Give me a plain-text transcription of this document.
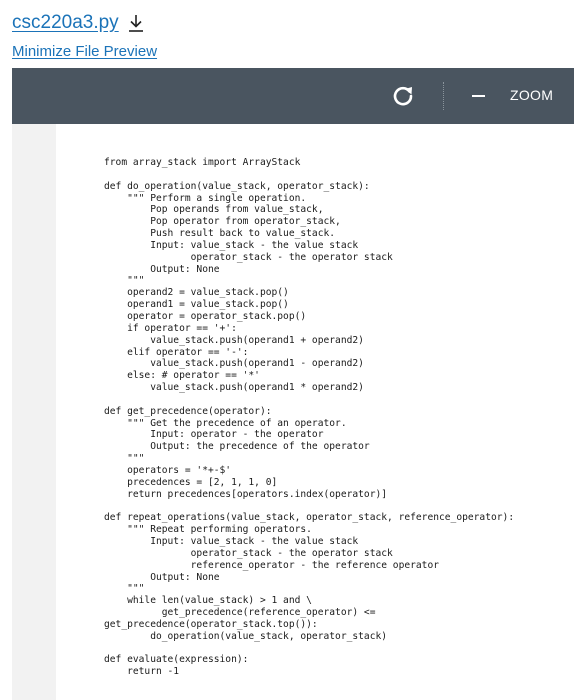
csc220a3.py
Minimize File Preview
ZOOM
from array_stack import ArrayStack
def do_operation(value_stack, operator_stack):
""" Perform a single operation.
Pop operands from value_stack,
Pop operator from operator_stack,
Push result back to value_stack.
Input: value_stack - the value stack
operator_stack - the operator stack
Output: None
"""
operand2 = value_stack.pop()
operand1 = value_stack.pop()
operator = operator_stack.pop()
if operator == '+':
value_stack.push(operand1 + operand2)
elif operator == '-':
value_stack.push(operand1 - operand2)
else: # operator == '*'
value_stack.push(operand1 * operand2)
def get_precedence(operator):
""" Get the precedence of an operator.
Input: operator - the operator
Output: the precedence of the operator
"""
operators = '*+-$'
precedences = [2, 1, 1, 0]
return precedences[operators.index(operator)]
def repeat_operations(value_stack, operator_stack, reference_operator):
""" Repeat performing operators.
Input: value_stack - the value stack
operator_stack - the operator stack
reference_operator - the reference operator
Output: None
"""
while len(value_stack) > 1 and \
get_precedence(reference_operator) <=
get_precedence(operator_stack.top()):
do_operation(value_stack, operator_stack)
def evaluate(expression):
return -1
